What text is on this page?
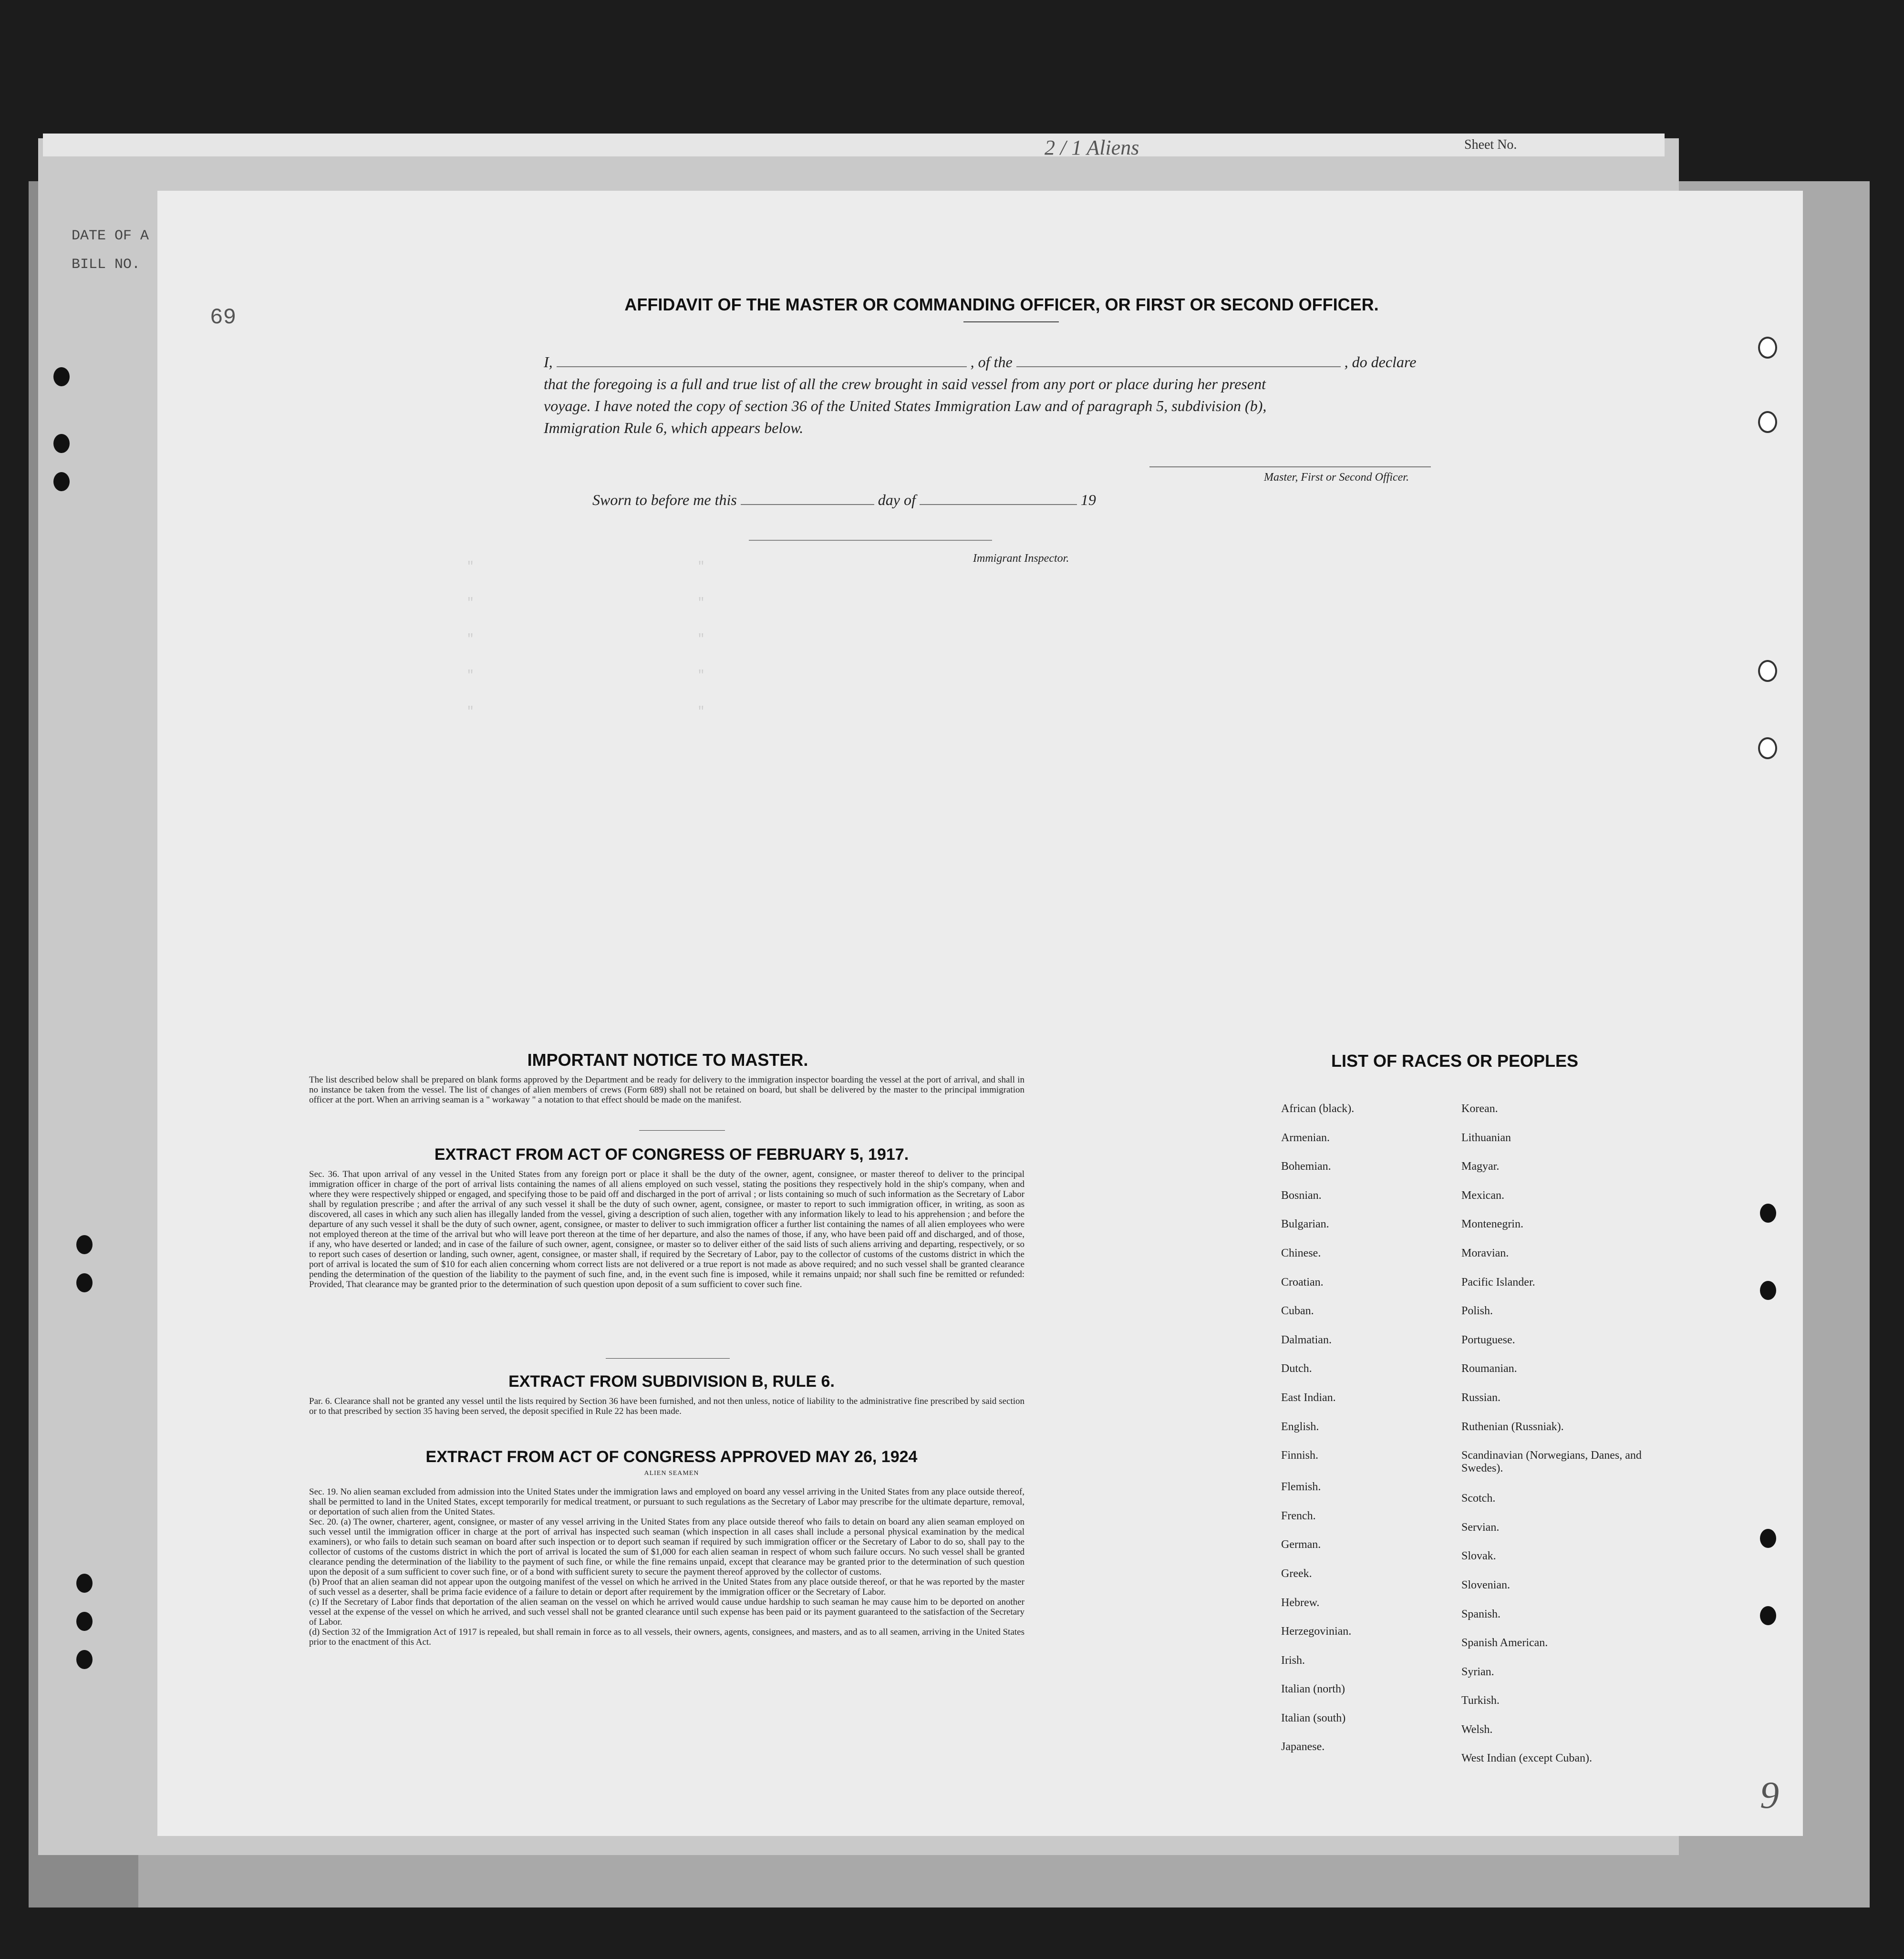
DATE OF A
BILL NO.
2 / 1 Aliens	Sheet No.
"                              "
"                              "
"                              "
"                              "
"                              "
69
AFFIDAVIT OF THE MASTER OR COMMANDING OFFICER, OR FIRST OR SECOND OFFICER.
I,	, of the	, do declare
that the foregoing is a full and true list of all the crew brought in said vessel from any port or place during her present
voyage. I have noted the copy of section 36 of the United States Immigration Law and of paragraph 5, subdivision (b),
Immigration Rule 6, which appears below.
Master, First or Second Officer.
Sworn to before me this	day of	19
Immigrant Inspector.
IMPORTANT NOTICE TO MASTER.
The list described below shall be prepared on blank forms approved by the Department and be ready for delivery to the immigration inspector boarding the vessel at the port of arrival, and shall in no instance be taken from the vessel. The list of changes of alien members of crews (Form 689) shall not be retained on board, but shall be delivered by the master to the principal immigration officer at the port. When an arriving seaman is a " workaway " a notation to that effect should be made on the manifest.
EXTRACT FROM ACT OF CONGRESS OF FEBRUARY 5, 1917.
Sec. 36. That upon arrival of any vessel in the United States from any foreign port or place it shall be the duty of the owner, agent, consignee, or master thereof to deliver to the principal immigration officer in charge of the port of arrival lists containing the names of all aliens employed on such vessel, stating the positions they respectively hold in the ship's company, when and where they were respectively shipped or engaged, and specifying those to be paid off and discharged in the port of arrival ; or lists containing so much of such information as the Secretary of Labor shall by regulation prescribe ; and after the arrival of any such vessel it shall be the duty of such owner, agent, consignee, or master to report to such immigration officer, in writing, as soon as discovered, all cases in which any such alien has illegally landed from the vessel, giving a description of such alien, together with any information likely to lead to his apprehension ; and before the departure of any such vessel it shall be the duty of such owner, agent, consignee, or master to deliver to such immigration officer a further list containing the names of all alien employees who were not employed thereon at the time of the arrival but who will leave port thereon at the time of her departure, and also the names of those, if any, who have been paid off and discharged, and of those, if any, who have deserted or landed; and in case of the failure of such owner, agent, consignee, or master so to deliver either of the said lists of such aliens arriving and departing, respectively, or so to report such cases of desertion or landing, such owner, agent, consignee, or master shall, if required by the Secretary of Labor, pay to the collector of customs of the customs district in which the port of arrival is located the sum of $10 for each alien concerning whom correct lists are not delivered or a true report is not made as above required; and no such vessel shall be granted clearance pending the determination of the question of the liability to the payment of such fine, and, in the event such fine is imposed, while it remains unpaid; nor shall such fine be remitted or refunded: Provided, That clearance may be granted prior to the determination of such question upon deposit of a sum sufficient to cover such fine.
EXTRACT FROM SUBDIVISION B, RULE 6.
Par. 6. Clearance shall not be granted any vessel until the lists required by Section 36 have been furnished, and not then unless, notice of liability to the administrative fine prescribed by said section or to that prescribed by section 35 having been served, the deposit specified in Rule 22 has been made.
EXTRACT FROM ACT OF CONGRESS APPROVED MAY 26, 1924
ALIEN SEAMEN
Sec. 19. No alien seaman excluded from admission into the United States under the immigration laws and employed on board any vessel arriving in the United States from any place outside thereof, shall be permitted to land in the United States, except temporarily for medical treatment, or pursuant to such regulations as the Secretary of Labor may prescribe for the ultimate departure, removal, or deportation of such alien from the United States.
Sec. 20. (a) The owner, charterer, agent, consignee, or master of any vessel arriving in the United States from any place outside thereof who fails to detain on board any alien seaman employed on such vessel until the immigration officer in charge at the port of arrival has inspected such seaman (which inspection in all cases shall include a personal physical examination by the medical examiners), or who fails to detain such seaman on board after such inspection or to deport such seaman if required by such immigration officer or the Secretary of Labor to do so, shall pay to the collector of customs of the customs district in which the port of arrival is located the sum of $1,000 for each alien seaman in respect of whom such failure occurs. No such vessel shall be granted clearance pending the determination of the liability to the payment of such fine, or while the fine remains unpaid, except that clearance may be granted prior to the determination of such question upon the deposit of a sum sufficient to cover such fine, or of a bond with sufficient surety to secure the payment thereof approved by the collector of customs.
(b) Proof that an alien seaman did not appear upon the outgoing manifest of the vessel on which he arrived in the United States from any place outside thereof, or that he was reported by the master of such vessel as a deserter, shall be prima facie evidence of a failure to detain or deport after requirement by the immigration officer or the Secretary of Labor.
(c) If the Secretary of Labor finds that deportation of the alien seaman on the vessel on which he arrived would cause undue hardship to such seaman he may cause him to be deported on another vessel at the expense of the vessel on which he arrived, and such vessel shall not be granted clearance until such expense has been paid or its payment guaranteed to the satisfaction of the Secretary of Labor.
(d) Section 32 of the Immigration Act of 1917 is repealed, but shall remain in force as to all vessels, their owners, agents, consignees, and masters, and as to all seamen, arriving in the United States prior to the enactment of this Act.
LIST OF RACES OR PEOPLES
African (black).
Armenian.
Bohemian.
Bosnian.
Bulgarian.
Chinese.
Croatian.
Cuban.
Dalmatian.
Dutch.
East Indian.
English.
Finnish.
Flemish.
French.
German.
Greek.
Hebrew.
Herzegovinian.
Irish.
Italian (north)
Italian (south)
Japanese.
Korean.
Lithuanian
Magyar.
Mexican.
Montenegrin.
Moravian.
Pacific Islander.
Polish.
Portuguese.
Roumanian.
Russian.
Ruthenian (Russniak).
Scandinavian (Norwegians, Danes, and Swedes).
Scotch.
Servian.
Slovak.
Slovenian.
Spanish.
Spanish American.
Syrian.
Turkish.
Welsh.
West Indian (except Cuban).
9
